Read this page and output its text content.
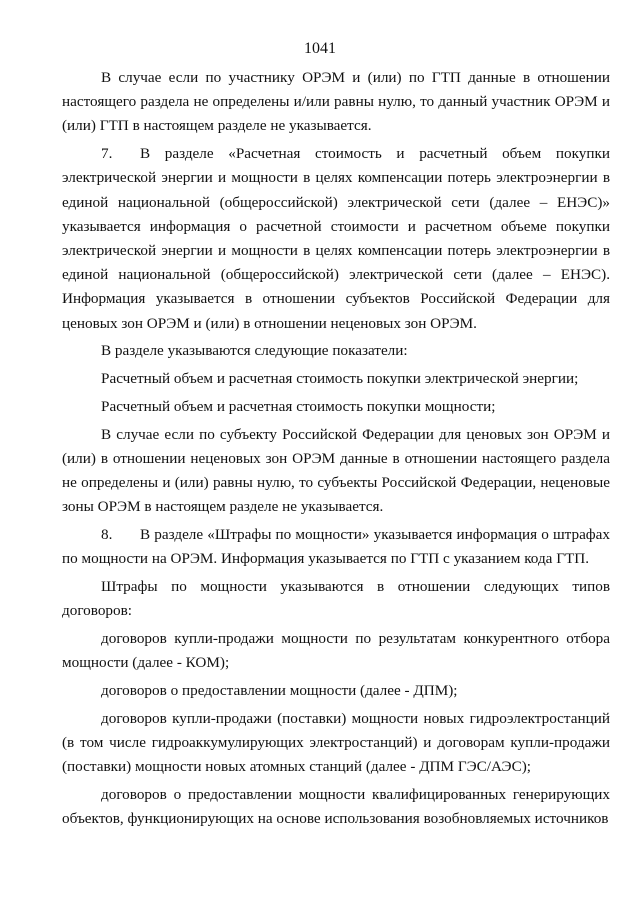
1041

В случае если по участнику ОРЭМ и (или) по ГТП данные в отношении настоящего раздела не определены и/или равны нулю, то данный участник ОРЭМ и (или) ГТП в настоящем разделе не указывается.

7. В разделе «Расчетная стоимость и расчетный объем покупки электрической энергии и мощности в целях компенсации потерь электроэнергии в единой национальной (общероссийской) электрической сети (далее – ЕНЭС)» указывается информация о расчетной стоимости и расчетном объеме покупки электрической энергии и мощности в целях компенсации потерь электроэнергии в единой национальной (общероссийской) электрической сети (далее – ЕНЭС). Информация указывается в отношении субъектов Российской Федерации для ценовых зон ОРЭМ и (или) в отношении неценовых зон ОРЭМ.

В разделе указываются следующие показатели:

Расчетный объем и расчетная стоимость покупки электрической энергии;

Расчетный объем и расчетная стоимость покупки мощности;

В случае если по субъекту Российской Федерации для ценовых зон ОРЭМ и (или) в отношении неценовых зон ОРЭМ данные в отношении настоящего раздела не определены и (или) равны нулю, то субъекты Российской Федерации, неценовые зоны ОРЭМ в настоящем разделе не указывается.

8. В разделе «Штрафы по мощности» указывается информация о штрафах по мощности на ОРЭМ. Информация указывается по ГТП с указанием кода ГТП.

Штрафы по мощности указываются в отношении следующих типов договоров:

договоров купли-продажи мощности по результатам конкурентного отбора мощности (далее - КОМ);

договоров о предоставлении мощности (далее - ДПМ);

договоров купли-продажи (поставки) мощности новых гидроэлектростанций (в том числе гидроаккумулирующих электростанций) и договорам купли-продажи (поставки) мощности новых атомных станций (далее - ДПМ ГЭС/АЭС);

договоров о предоставлении мощности квалифицированных генерирующих объектов, функционирующих на основе использования возобновляемых источников
